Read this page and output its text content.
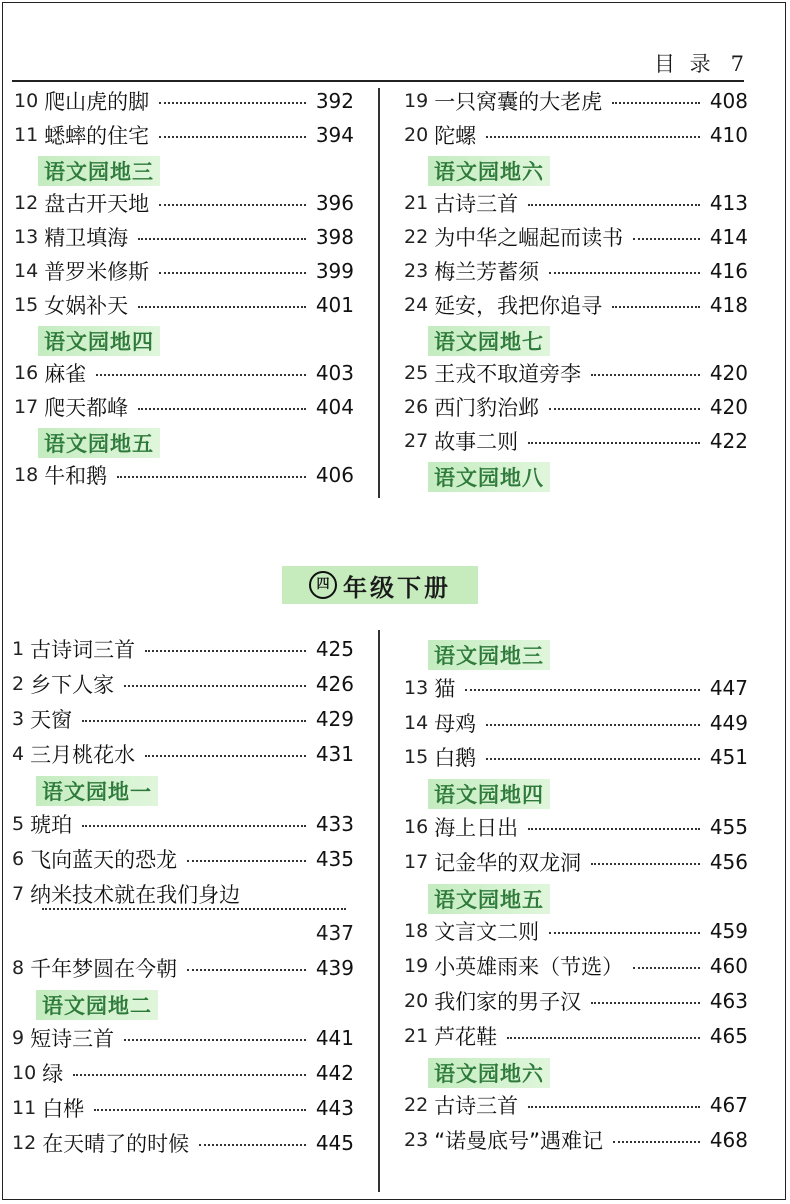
目 录 7
10 爬山虎的脚	392
11 蟋蟀的住宅	394
语文园地三
12 盘古开天地	396
13 精卫填海	398
14 普罗米修斯	399
15 女娲补天	401
语文园地四
16 麻雀	403
17 爬天都峰	404
语文园地五
18 牛和鹅	406
19 一只窝囊的大老虎	408
20 陀螺	410
语文园地六
21 古诗三首	413
22 为中华之崛起而读书	414
23 梅兰芳蓄须	416
24 延安，我把你追寻	418
语文园地七
25 王戎不取道旁李	420
26 西门豹治邺	420
27 故事二则	422
语文园地八
四 年级下册
1 古诗词三首	425
2 乡下人家	426
3 天窗	429
4 三月桃花水	431
语文园地一
5 琥珀	433
6 飞向蓝天的恐龙	435
7 纳米技术就在我们身边
437
8 千年梦圆在今朝	439
语文园地二
9 短诗三首	441
10 绿	442
11 白桦	443
12 在天晴了的时候	445
语文园地三
13 猫	447
14 母鸡	449
15 白鹅	451
语文园地四
16 海上日出	455
17 记金华的双龙洞	456
语文园地五
18 文言文二则	459
19 小英雄雨来（节选）	460
20 我们家的男子汉	463
21 芦花鞋	465
语文园地六
22 古诗三首	467
23 “诺曼底号”遇难记	468
